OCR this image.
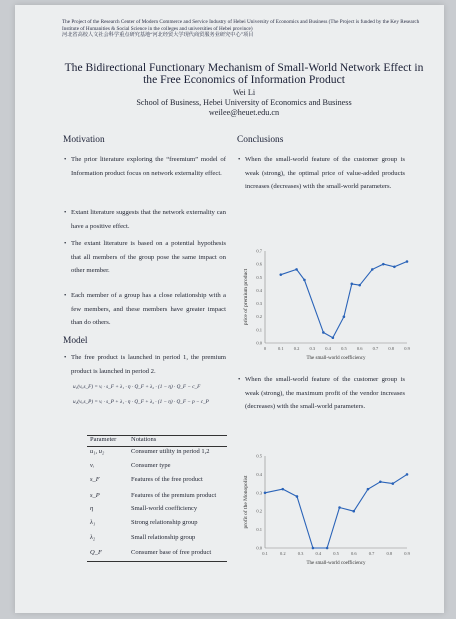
The Project of the Research Center of Modern Commerce and Service Industry of Hebei University of Economics and Business (The Project is funded by the Key Research Institute of Humanities & Social Science in the colleges and universities of Hebei province)
河北省高校人文社会科学重点研究基地“河北经贸大学现代商贸服务业研究中心”项目
The Bidirectional Functionary Mechanism of Small-World Network Effect in
the Free Economics of Information Product
Wei Li
School of Business, Hebei University of Economics and Business
weilee@heuet.edu.cn
Motivation
• The prior literature exploring the “freemium” model of Information product focus on network externality effect.
• Extant literature suggests that the network externality can have a positive effect.
• The extant literature is based on a potential hypothesis that all members of the group pose the same impact on other member.
• Each member of a group has a close relationship with a few members, and these members have greater impact than do others.
Model
• The free product is launched in period 1, the premium product is launched in period 2.
u₁(vᵢ,s_F) = vᵢ · s_F + λ₁ · η · Q_F + λ₂ · (1 − η) · Q_F − c_F
u₂(vᵢ,s_P) = vᵢ · s_P + λ₁ · η · Q_F + λ₂ · (1 − η) · Q_F − p − c_P
Parameter Notations
u₁, u₂	Consumer utility in period 1,2
vᵢ	Consumer type
s_F	Features of the free product
s_P	Features of the premium product
η	Small-world coefficiency
λ₁	Strong relationship group
λ₂	Small relationship group
Q_F	Consumer base of free product
Conclusions
• When the small-world feature of the customer group is weak (strong), the optimal price of value-added products increases (decreases) with the small-world parameters.
0.0
0.1
0.2
0.3
0.4
0.5
0.6
0.7
0	0.1 0.2 0.3 0.4 0.5 0.6 0.7 0.8 0.9
The small-world coefficiency
price of premium product
• When the small-world feature of the customer group is weak (strong), the maximum profit of the vendor increases (decreases) with the small-world parameters.
0.0
0.1
0.2
0.3
0.4
0.5
0.1	0.2	0.3	0.4	0.5	0.6	0.7	0.8	0.9
The small-world coefficiency
profit of the Monopolist
